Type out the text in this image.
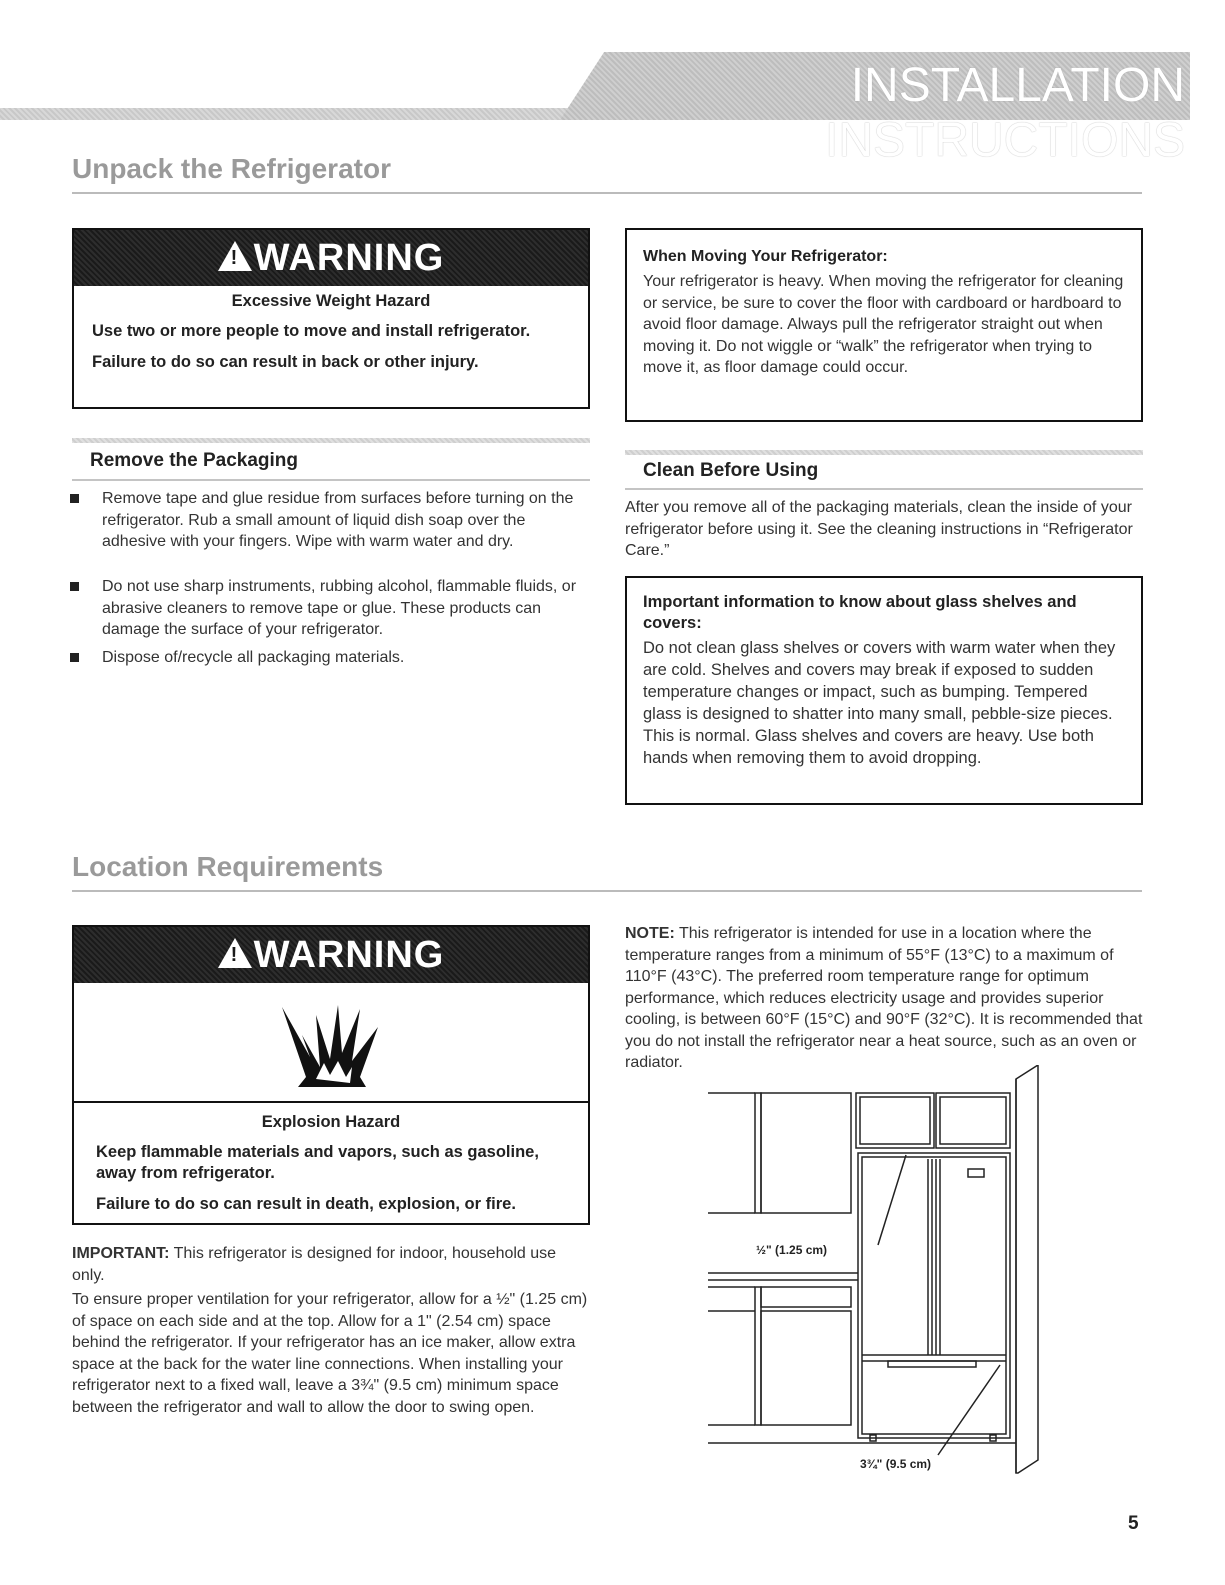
INSTALLATION INSTRUCTIONS
Unpack the Refrigerator
!WARNING
Excessive Weight Hazard
Use two or more people to move and install refrigerator.
Failure to do so can result in back or other injury.
When Moving Your Refrigerator:

Your refrigerator is heavy. When moving the refrigerator for cleaning or service, be sure to cover the floor with cardboard or hardboard to avoid floor damage. Always pull the refrigerator straight out when moving it. Do not wiggle or “walk” the refrigerator when trying to move it, as floor damage could occur.

Remove the Packaging
Remove tape and glue residue from surfaces before turning on the refrigerator. Rub a small amount of liquid dish soap over the adhesive with your fingers. Wipe with warm water and dry.
Do not use sharp instruments, rubbing alcohol, flammable fluids, or abrasive cleaners to remove tape or glue. These products can damage the surface of your refrigerator.
Dispose of/recycle all packaging materials.
Clean Before Using

After you remove all of the packaging materials, clean the inside of your refrigerator before using it. See the cleaning instructions in “Refrigerator Care.”

Important information to know about glass shelves and covers:

Do not clean glass shelves or covers with warm water when they are cold. Shelves and covers may break if exposed to sudden temperature changes or impact, such as bumping. Tempered glass is designed to shatter into many small, pebble-size pieces. This is normal. Glass shelves and covers are heavy. Use both hands when removing them to avoid dropping.

Location Requirements
!WARNING
Explosion Hazard
Keep flammable materials and vapors, such as gasoline, away from refrigerator.
Failure to do so can result in death, explosion, or fire.

IMPORTANT: This refrigerator is designed for indoor, household use only.

To ensure proper ventilation for your refrigerator, allow for a ½" (1.25 cm) of space on each side and at the top. Allow for a 1" (2.54 cm) space behind the refrigerator. If your refrigerator has an ice maker, allow extra space at the back for the water line connections. When installing your refrigerator next to a fixed wall, leave a 3¾" (9.5 cm) minimum space between the refrigerator and wall to allow the door to swing open.

NOTE: This refrigerator is intended for use in a location where the temperature ranges from a minimum of 55°F (13°C) to a maximum of 110°F (43°C). The preferred room temperature range for optimum performance, which reduces electricity usage and provides superior cooling, is between 60°F (15°C) and 90°F (32°C). It is recommended that you do not install the refrigerator near a heat source, such as an oven or radiator.

½" (1.25 cm)
3¾" (9.5 cm)
5
